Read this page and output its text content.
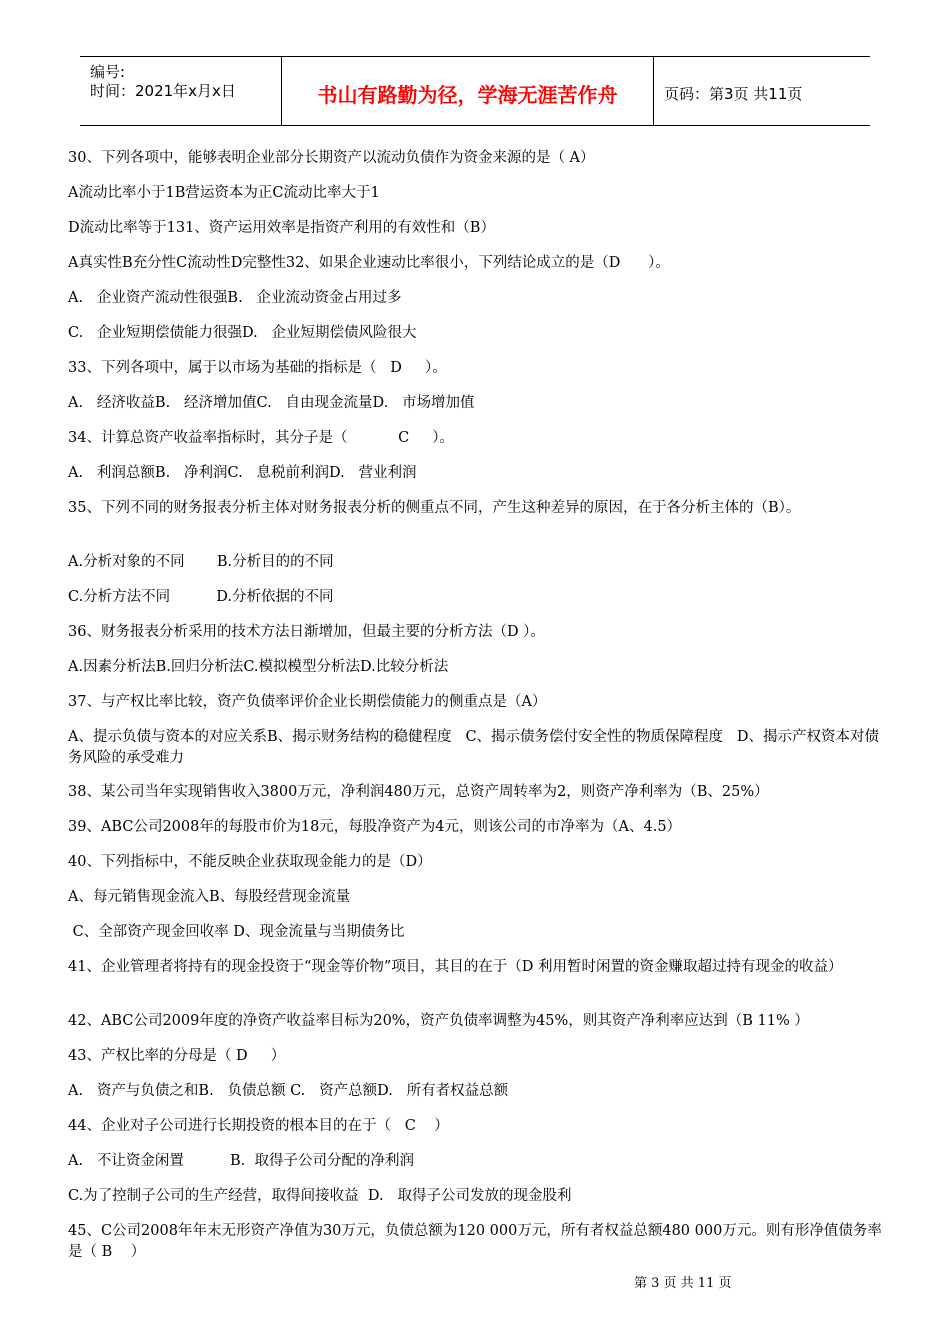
编号:
时间：2021年x月x日	书山有路勤为径，学海无涯苦作舟	页码：第3页 共11页
30、下列各项中，能够表明企业部分长期资产以流动负债作为资金来源的是（ A）
A流动比率小于1B营运资本为正C流动比率大于1
D流动比率等于131、资产运用效率是指资产利用的有效性和（B）
A真实性B充分性C流动性D完整性32、如果企业速动比率很小，下列结论成立的是（D      ）。
A.   企业资产流动性很强B.   企业流动资金占用过多
C.   企业短期偿债能力很强D.   企业短期偿债风险很大
33、下列各项中，属于以市场为基础的指标是（   D     ）。
A.   经济收益B.   经济增加值C.   自由现金流量D.   市场增加值
34、计算总资产收益率指标时，其分子是（           C     ）。
A.   利润总额B.   净利润C.   息税前利润D.   营业利润
35、下列不同的财务报表分析主体对财务报表分析的侧重点不同，产生这种差异的原因，在于各分析主体的（B）。
A.分析对象的不同       B.分析目的的不同
C.分析方法不同          D.分析依据的不同
36、财务报表分析采用的技术方法日渐增加，但最主要的分析方法（D ）。
A.因素分析法B.回归分析法C.模拟模型分析法D.比较分析法
37、与产权比率比较，资产负债率评价企业长期偿债能力的侧重点是（A）
A、提示负债与资本的对应关系B、揭示财务结构的稳健程度   C、揭示债务偿付安全性的物质保障程度   D、揭示产权资本对债务风险的承受难力
38、某公司当年实现销售收入3800万元，净利润480万元，总资产周转率为2，则资产净利率为（B、25%）
39、ABC公司2008年的每股市价为18元，每股净资产为4元，则该公司的市净率为（A、4.5）
40、下列指标中，不能反映企业获取现金能力的是（D）
A、每元销售现金流入B、每股经营现金流量
C、全部资产现金回收率 D、现金流量与当期债务比
41、企业管理者将持有的现金投资于“现金等价物”项目，其目的在于（D 利用暂时闲置的资金赚取超过持有现金的收益）
42、ABC公司2009年度的净资产收益率目标为20%，资产负债率调整为45%，则其资产净利率应达到（B 11% ）
43、产权比率的分母是（ D     ）
A.   资产与负债之和B.   负债总额 C.   资产总额D.   所有者权益总额
44、企业对子公司进行长期投资的根本目的在于（   C    ）
A.   不让资金闲置          B.  取得子公司分配的净利润
C.为了控制子公司的生产经营，取得间接收益  D.   取得子公司发放的现金股利
45、C公司2008年年末无形资产净值为30万元，负债总额为120 000万元，所有者权益总额480 000万元。则有形净值债务率是（ B    ）
第 3 页 共 11 页
